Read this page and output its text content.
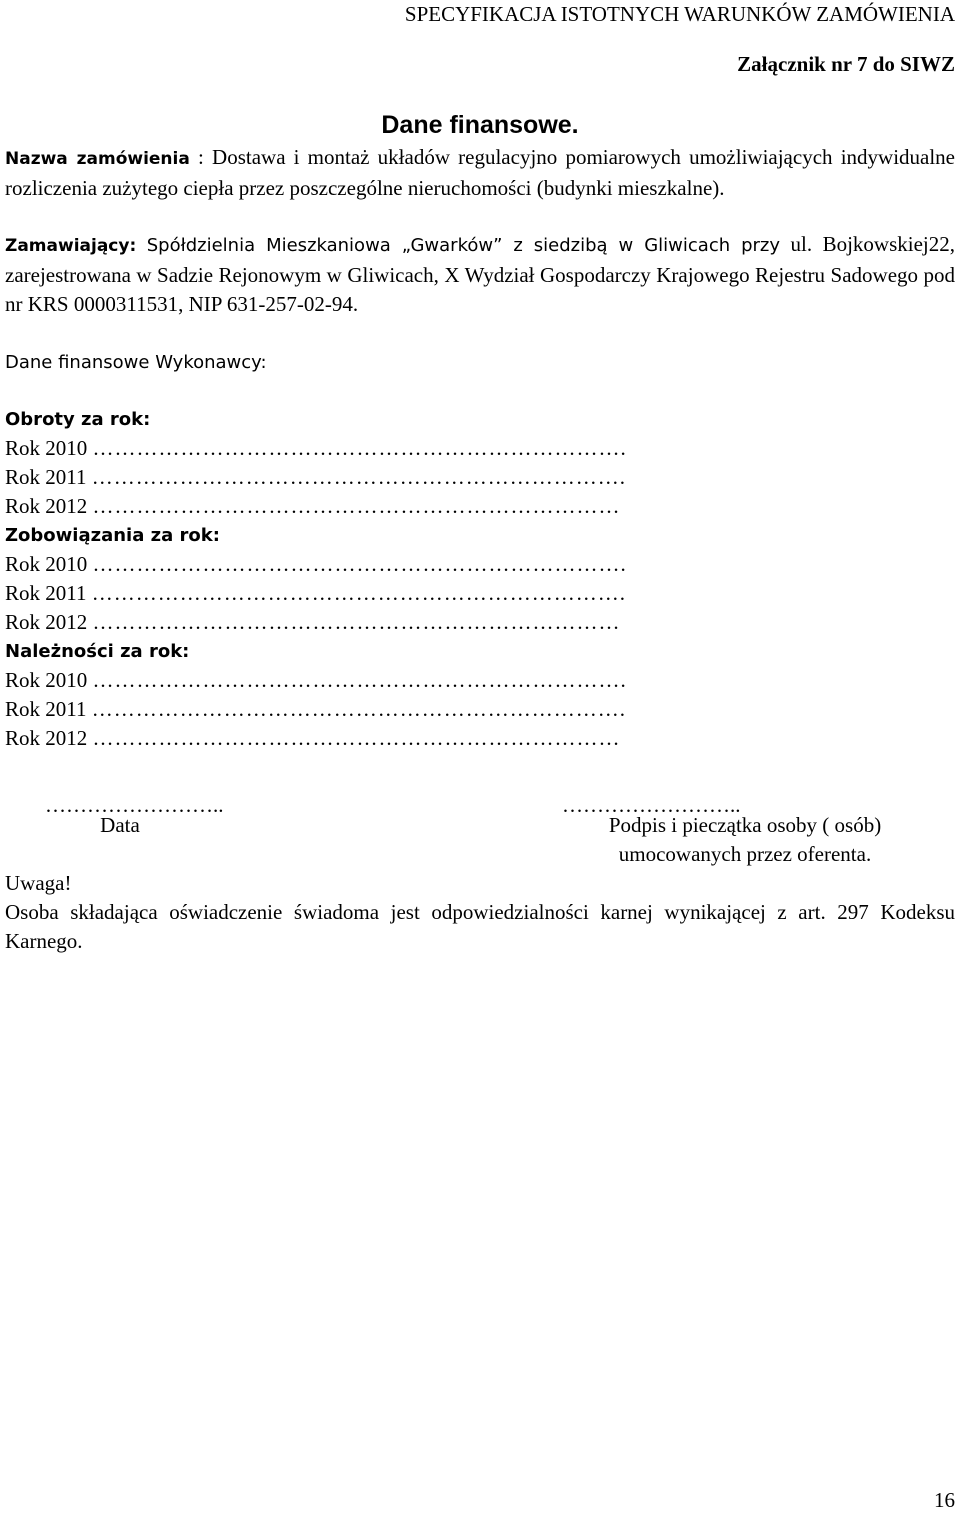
SPECYFIKACJA ISTOTNYCH WARUNKÓW ZAMÓWIENIA
Załącznik nr 7 do SIWZ
Dane finansowe.
Nazwa zamówienia : Dostawa i montaż układów regulacyjno pomiarowych umożliwiających indywidualne rozliczenia zużytego ciepła przez poszczególne nieruchomości (budynki mieszkalne).
Zamawiający: Spółdzielnia Mieszkaniowa „Gwarków” z siedzibą w Gliwicach przy ul. Bojkowskiej22, zarejestrowana w Sadzie Rejonowym w Gliwicach, X Wydział Gospodarczy Krajowego Rejestru Sadowego pod nr KRS 0000311531, NIP 631-257-02-94.
Dane finansowe Wykonawcy:
Obroty za rok:
Rok 2010 ……………………………………………………………….
Rok 2011 ……………………………………………………………….
Rok 2012 ………………………………………………………………
Zobowiązania za rok:
Rok 2010 ……………………………………………………………….
Rok 2011 ……………………………………………………………….
Rok 2012 ………………………………………………………………
Należności za rok:
Rok 2010 ……………………………………………………………….
Rok 2011 ……………………………………………………………….
Rok 2012 ………………………………………………………………
……………………..	……………………..
Data	Podpis i pieczątka osoby ( osób)
umocowanych przez oferenta.
Uwaga!
Osoba składająca oświadczenie świadoma jest odpowiedzialności karnej wynikającej z art. 297 Kodeksu Karnego.
16
